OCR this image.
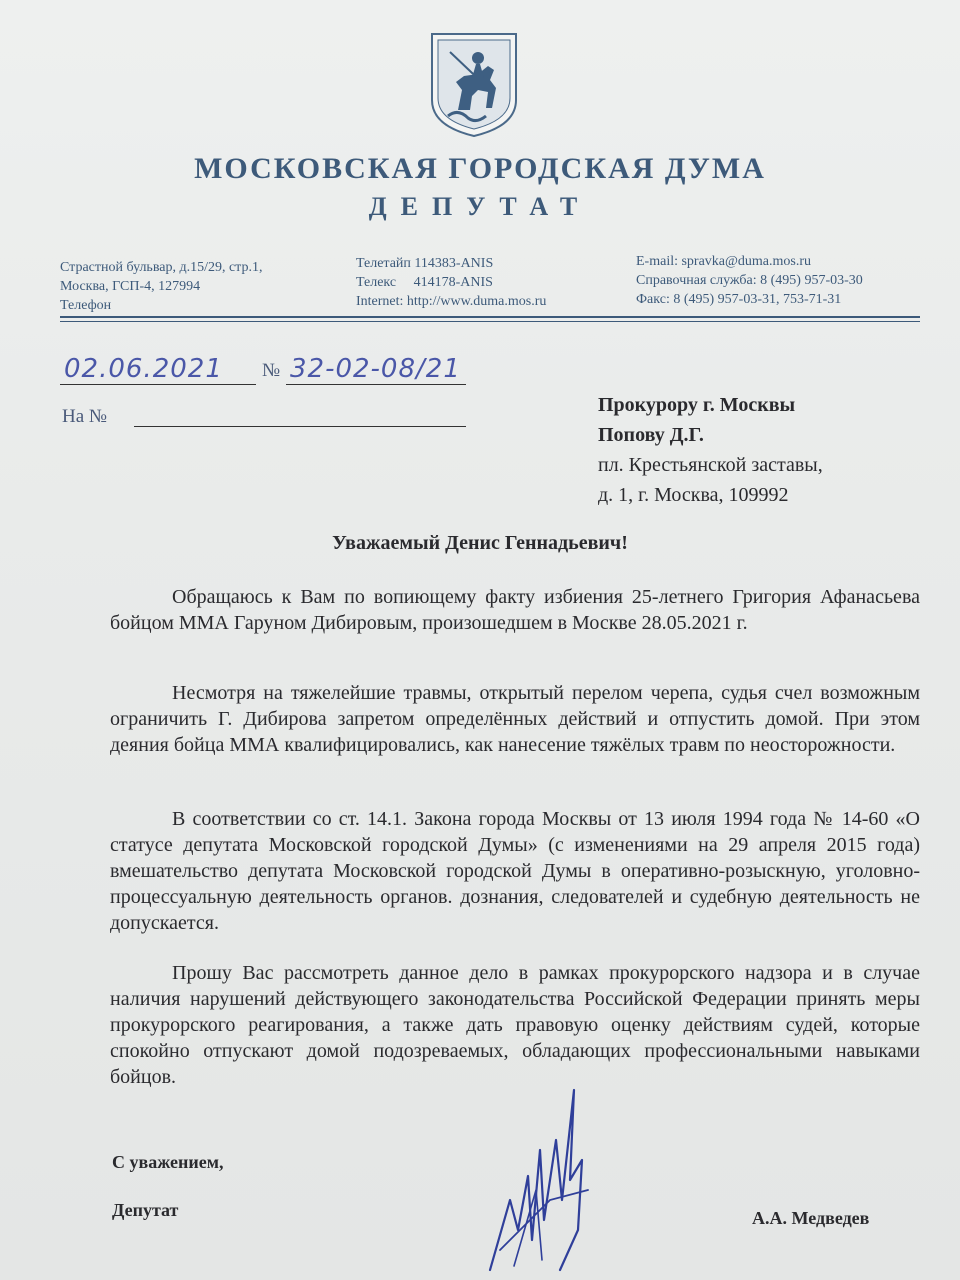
МОСКОВСКАЯ ГОРОДСКАЯ ДУМА
ДЕПУТАТ
Страстной бульвар, д.15/29, стр.1,
Москва, ГСП-4, 127994
Телефон
Телетайп 114383-ANIS
Телекс     414178-ANIS
Internet: http://www.duma.mos.ru
E-mail: spravka@duma.mos.ru
Справочная служба: 8 (495) 957-03-30
Факс: 8 (495) 957-03-31, 753-71-31
02.06.2021 № 32-02-08/21
На №
Прокурору г. Москвы
Попову Д.Г.
пл. Крестьянской заставы,
д. 1, г. Москва, 109992
Уважаемый Денис Геннадьевич!
Обращаюсь к Вам по вопиющему факту избиения 25-летнего Григория Афанасьева бойцом ММА Гаруном Дибировым, произошедшем в Москве 28.05.2021 г.
Несмотря на тяжелейшие травмы, открытый перелом черепа, судья счел возможным ограничить Г. Дибирова запретом определённых действий и отпустить домой. При этом деяния бойца ММА квалифицировались, как нанесение тяжёлых травм по неосторожности.
В соответствии со ст. 14.1. Закона города Москвы от 13 июля 1994 года № 14-60 «О статусе депутата Московской городской Думы» (с изменениями на 29 апреля 2015 года) вмешательство депутата Московской городской Думы в оперативно-розыскную, уголовно-процессуальную деятельность органов. дознания, следователей и судебную деятельность не допускается.
Прошу Вас рассмотреть данное дело в рамках прокурорского надзора и в случае наличия нарушений действующего законодательства Российской Федерации принять меры прокурорского реагирования, а также дать правовую оценку действиям судей, которые спокойно отпускают домой подозреваемых, обладающих профессиональными навыками бойцов.
С уважением,
Депутат	А.А. Медведев
